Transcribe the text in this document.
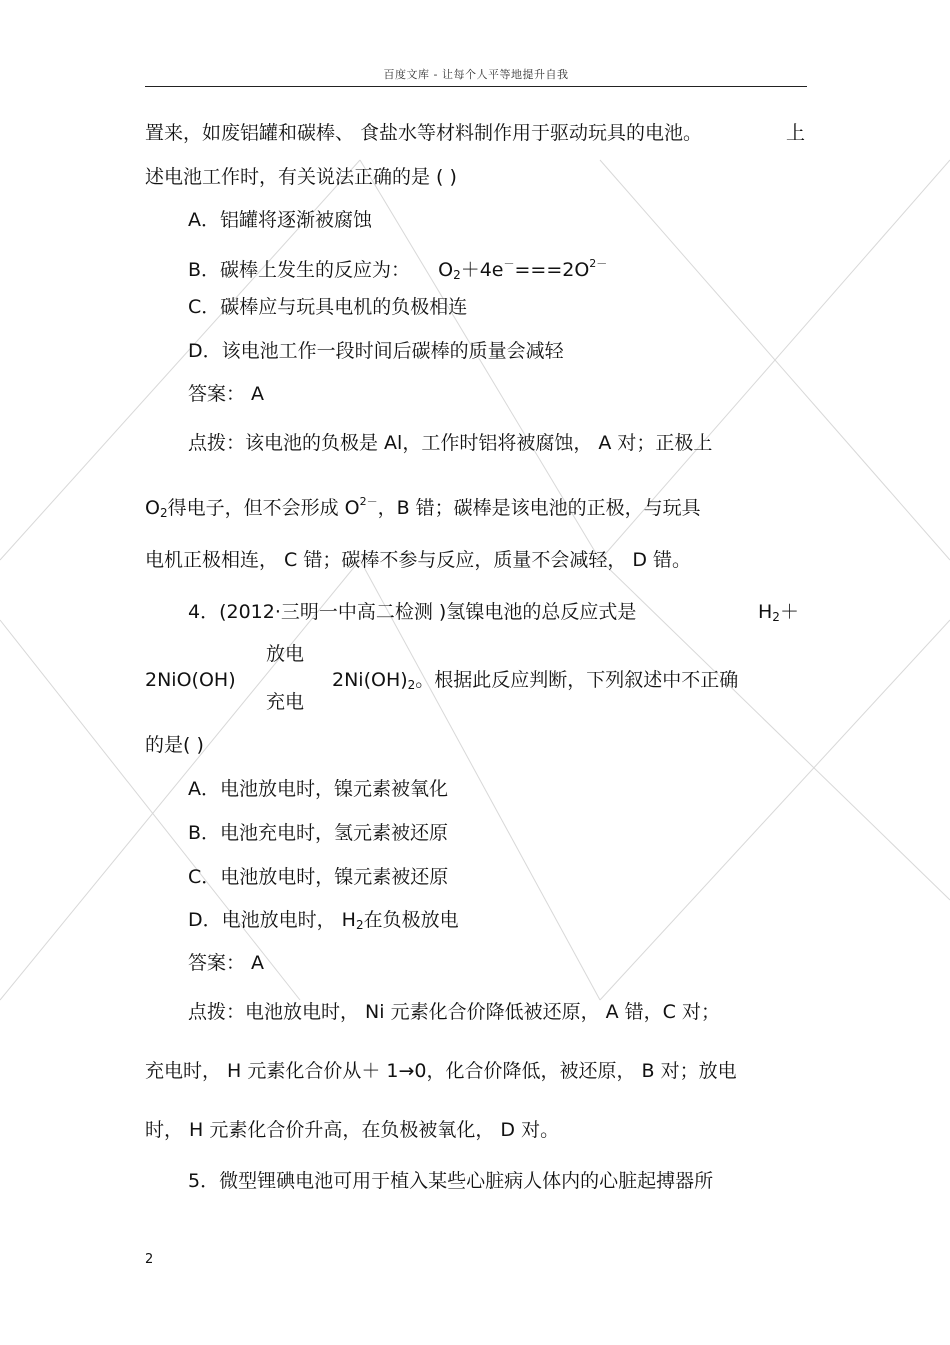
百度文库 - 让每个人平等地提升自我
置来，如废铝罐和碳棒、 食盐水等材料制作用于驱动玩具的电池。	上
述电池工作时，有关说法正确的是 ( )
A．铝罐将逐渐被腐蚀
B．碳棒上发生的反应为： $O_2+4e^-===2O^{2-}$
C．碳棒应与玩具电机的负极相连
D．该电池工作一段时间后碳棒的质量会减轻
答案： A
点拨：该电池的负极是 Al，工作时铝将被腐蚀， A 对；正极上
$O_2$得电子，但不会形成 $O^{2-}$，B 错；碳棒是该电池的正极，与玩具
电机正极相连， C 错；碳棒不参与反应，质量不会减轻， D 错。
4．(2012·三明一中高二检测 )氢镍电池的总反应式是	$H_2+$
放电
2NiO(OH)	$2Ni(OH)_2$。根据此反应判断，下列叙述中不正确
充电
的是( )
A．电池放电时，镍元素被氧化
B．电池充电时，氢元素被还原
C．电池放电时，镍元素被还原
D．电池放电时， $H_2$在负极放电
答案： A
点拨：电池放电时， Ni 元素化合价降低被还原， A 错，C 对；
充电时， H 元素化合价从＋ 1→0，化合价降低，被还原， B 对；放电
时， H 元素化合价升高，在负极被氧化， D 对。
5．微型锂碘电池可用于植入某些心脏病人体内的心脏起搏器所
2
